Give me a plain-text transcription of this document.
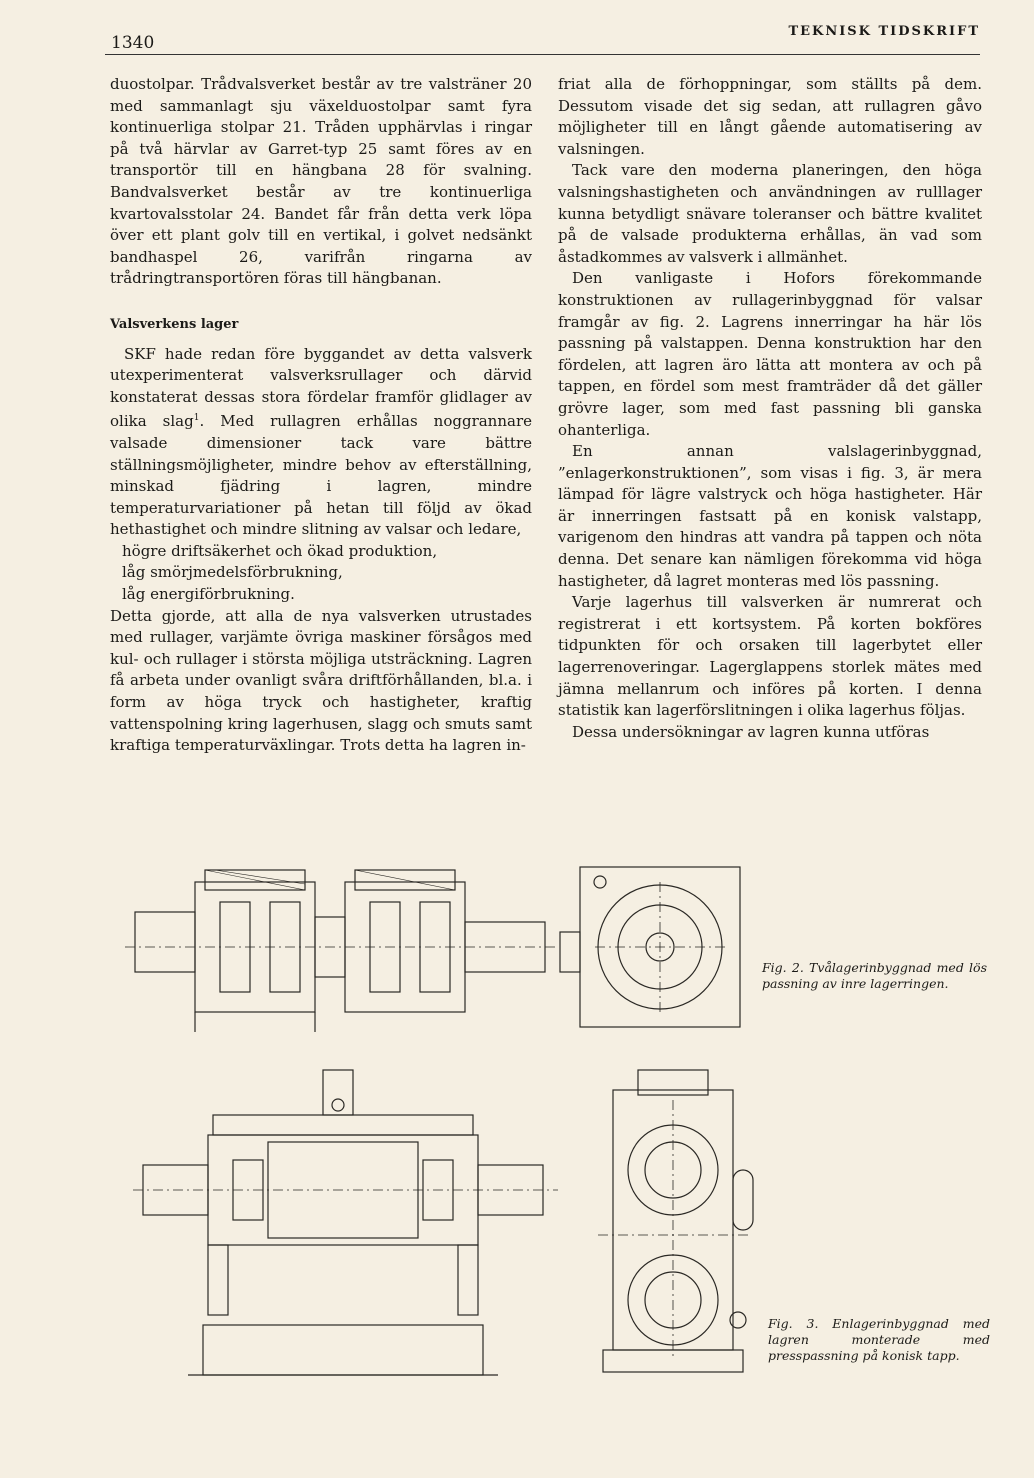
1340
TEKNISK TIDSKRIFT

duostolpar. Trådvalsverket består av tre valsträner 20 med sammanlagt sju växelduostolpar samt fyra kontinuerliga stolpar 21. Tråden upphärvlas i ringar på två härvlar av Garret-typ 25 samt föres av en transportör till en hängbana 28 för svalning. Bandvalsverket består av tre kontinuerliga kvartovalsstolar 24. Bandet får från detta verk löpa över ett plant golv till en vertikal, i golvet nedsänkt bandhaspel 26, varifrån ringarna av trådringtransportören föras till hängbanan.

Valsverkens lager

SKF hade redan före byggandet av detta valsverk utexperimenterat valsverksrullager och därvid konstaterat dessas stora fördelar framför glidlager av olika slag$^1$. Med rullagren erhållas noggrannare valsade dimensioner tack vare bättre ställningsmöjligheter, mindre behov av efterställning, minskad fjädring i lagren, mindre temperaturvariationer på hetan till följd av ökad hethastighet och mindre slitning av valsar och ledare,

högre driftsäkerhet och ökad produktion,

låg smörjmedelsförbrukning,

låg energiförbrukning.

Detta gjorde, att alla de nya valsverken utrustades med rullager, varjämte övriga maskiner försågos med kul- och rullager i största möjliga utsträckning. Lagren få arbeta under ovanligt svåra driftförhållanden, bl.a. i form av höga tryck och hastigheter, kraftig vattenspolning kring lagerhusen, slagg och smuts samt kraftiga temperaturväxlingar. Trots detta ha lagren in-

friat alla de förhoppningar, som ställts på dem. Dessutom visade det sig sedan, att rullagren gåvo möjligheter till en långt gående automatisering av valsningen.

Tack vare den moderna planeringen, den höga valsningshastigheten och användningen av rulllager kunna betydligt snävare toleranser och bättre kvalitet på de valsade produkterna erhållas, än vad som åstadkommes av valsverk i allmänhet.

Den vanligaste i Hofors förekommande konstruktionen av rullagerinbyggnad för valsar framgår av fig. 2. Lagrens innerringar ha här lös passning på valstappen. Denna konstruktion har den fördelen, att lagren äro lätta att montera av och på tappen, en fördel som mest framträder då det gäller grövre lager, som med fast passning bli ganska ohanterliga.

En annan valslagerinbyggnad, ”enlagerkonstruktionen”, som visas i fig. 3, är mera lämpad för lägre valstryck och höga hastigheter. Här är innerringen fastsatt på en konisk valstapp, varigenom den hindras att vandra på tappen och nöta denna. Det senare kan nämligen förekomma vid höga hastigheter, då lagret monteras med lös passning.

Varje lagerhus till valsverken är numrerat och registrerat i ett kortsystem. På korten bokföres tidpunkten för och orsaken till lagerbytet eller lagerrenoveringar. Lagerglappens storlek mätes med jämna mellanrum och införes på korten. I denna statistik kan lagerförslitningen i olika lagerhus följas.

Dessa undersökningar av lagren kunna utföras

Fig. 2. Tvålagerinbyggnad med lös passning av inre lagerringen.
Fig. 3. Enlagerinbyggnad med lagren monterade med presspassning på konisk tapp.
